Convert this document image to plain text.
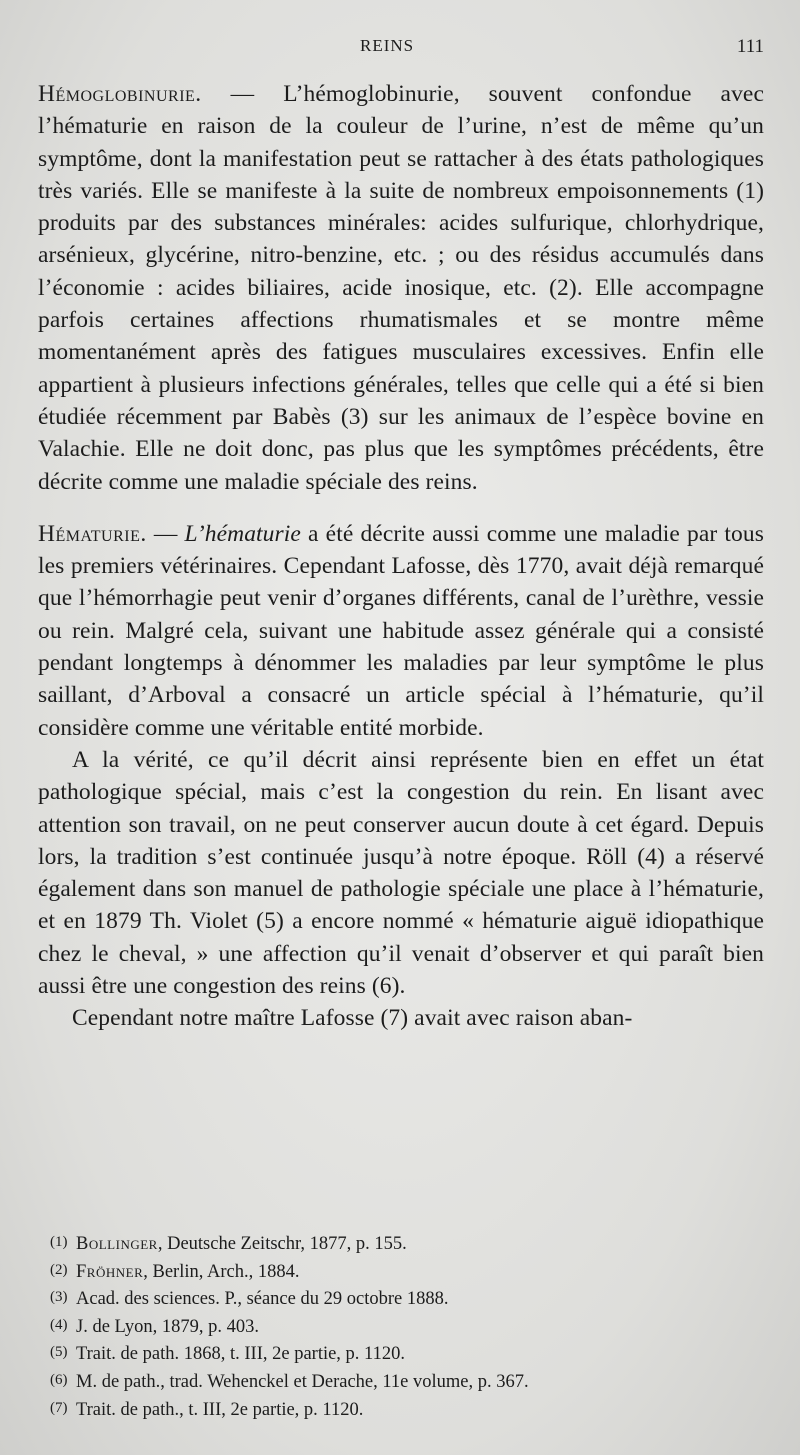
REINS	111

Hémoglobinurie. — L’hémoglobinurie, souvent confondue avec l’hématurie en raison de la couleur de l’urine, n’est de même qu’un symptôme, dont la manifestation peut se rattacher à des états pathologiques très variés. Elle se manifeste à la suite de nombreux empoisonnements (1) produits par des substances minérales: acides sulfurique, chlorhydrique, arsénieux, glycérine, nitro-benzine, etc. ; ou des résidus accumulés dans l’économie : acides biliaires, acide inosique, etc. (2). Elle accompagne parfois certaines affections rhumatismales et se montre même momentanément après des fatigues musculaires excessives. Enfin elle appartient à plusieurs infections générales, telles que celle qui a été si bien étudiée récemment par Babès (3) sur les animaux de l’espèce bovine en Valachie. Elle ne doit donc, pas plus que les symptômes précédents, être décrite comme une maladie spéciale des reins.

Hématurie. — L’hématurie a été décrite aussi comme une maladie par tous les premiers vétérinaires. Cependant Lafosse, dès 1770, avait déjà remarqué que l’hémorrhagie peut venir d’organes différents, canal de l’urèthre, vessie ou rein. Malgré cela, suivant une habitude assez générale qui a consisté pendant longtemps à dénommer les maladies par leur symptôme le plus saillant, d’Arboval a consacré un article spécial à l’hématurie, qu’il considère comme une véritable entité morbide.

A la vérité, ce qu’il décrit ainsi représente bien en effet un état pathologique spécial, mais c’est la congestion du rein. En lisant avec attention son travail, on ne peut conserver aucun doute à cet égard. Depuis lors, la tradition s’est continuée jusqu’à notre époque. Röll (4) a réservé également dans son manuel de pathologie spéciale une place à l’hématurie, et en 1879 Th. Violet (5) a encore nommé « hématurie aiguë idiopathique chez le cheval, » une affection qu’il venait d’observer et qui paraît bien aussi être une congestion des reins (6).

Cependant notre maître Lafosse (7) avait avec raison aban-

(1) Bollinger, Deutsche Zeitschr, 1877, p. 155.

(2) Fröhner, Berlin, Arch., 1884.

(3) Acad. des sciences. P., séance du 29 octobre 1888.

(4) J. de Lyon, 1879, p. 403.

(5) Trait. de path. 1868, t. III, 2e partie, p. 1120.

(6) M. de path., trad. Wehenckel et Derache, 11e volume, p. 367.

(7) Trait. de path., t. III, 2e partie, p. 1120.
